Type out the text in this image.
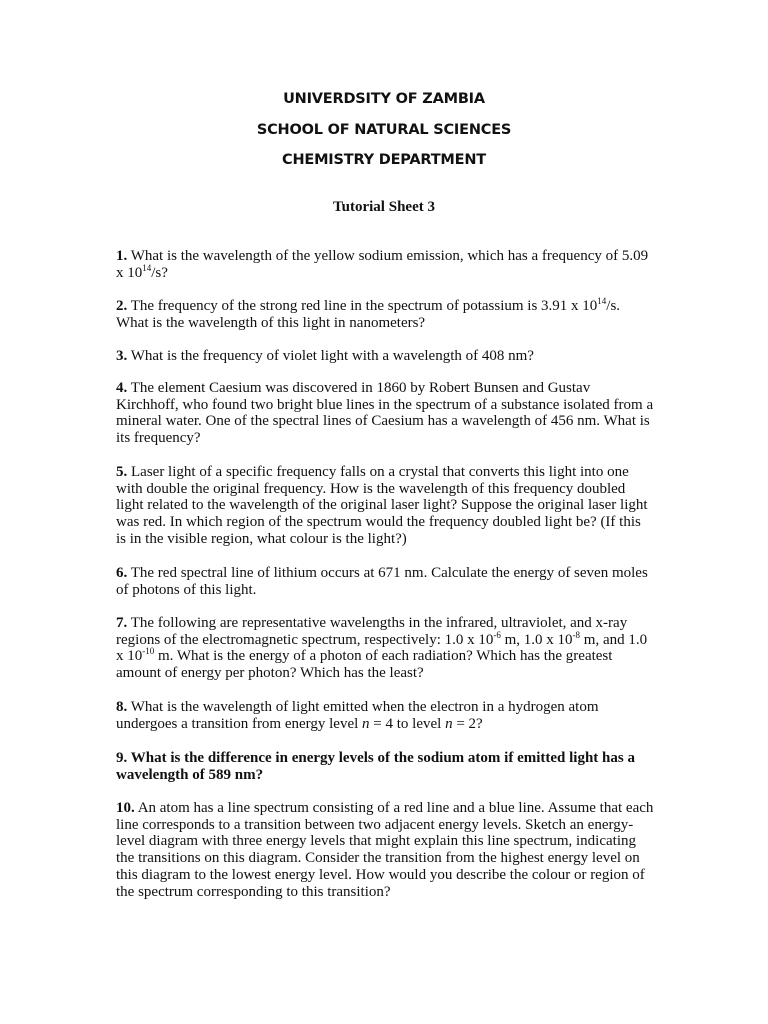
UNIVERDSITY OF ZAMBIA
SCHOOL OF NATURAL SCIENCES
CHEMISTRY DEPARTMENT
Tutorial Sheet 3

1. What is the wavelength of the yellow sodium emission, which has a frequency of 5.09 x $10^{14}/s$?

2. The frequency of the strong red line in the spectrum of potassium is 3.91 x $10^{14}/s$. What is the wavelength of this light in nanometers?

3. What is the frequency of violet light with a wavelength of 408 nm?

4. The element Caesium was discovered in 1860 by Robert Bunsen and Gustav Kirchhoff, who found two bright blue lines in the spectrum of a substance isolated from a mineral water. One of the spectral lines of Caesium has a wavelength of 456 nm. What is its frequency?

5. Laser light of a specific frequency falls on a crystal that converts this light into one with double the original frequency. How is the wavelength of this frequency doubled light related to the wavelength of the original laser light? Suppose the original laser light was red. In which region of the spectrum would the frequency doubled light be? (If this is in the visible region, what colour is the light?)

6. The red spectral line of lithium occurs at 671 nm. Calculate the energy of seven moles of photons of this light.

7. The following are representative wavelengths in the infrared, ultraviolet, and x-ray regions of the electromagnetic spectrum, respectively: 1.0 x $10^{-6}$ m, 1.0 x $10^{-8}$ m, and 1.0 x $10^{-10}$ m. What is the energy of a photon of each radiation? Which has the greatest amount of energy per photon? Which has the least?

8. What is the wavelength of light emitted when the electron in a hydrogen atom undergoes a transition from energy level n = 4 to level n = 2?

9. What is the difference in energy levels of the sodium atom if emitted light has a wavelength of 589 nm?

10. An atom has a line spectrum consisting of a red line and a blue line. Assume that each line corresponds to a transition between two adjacent energy levels. Sketch an energy-level diagram with three energy levels that might explain this line spectrum, indicating the transitions on this diagram. Consider the transition from the highest energy level on this diagram to the lowest energy level. How would you describe the colour or region of the spectrum corresponding to this transition?
